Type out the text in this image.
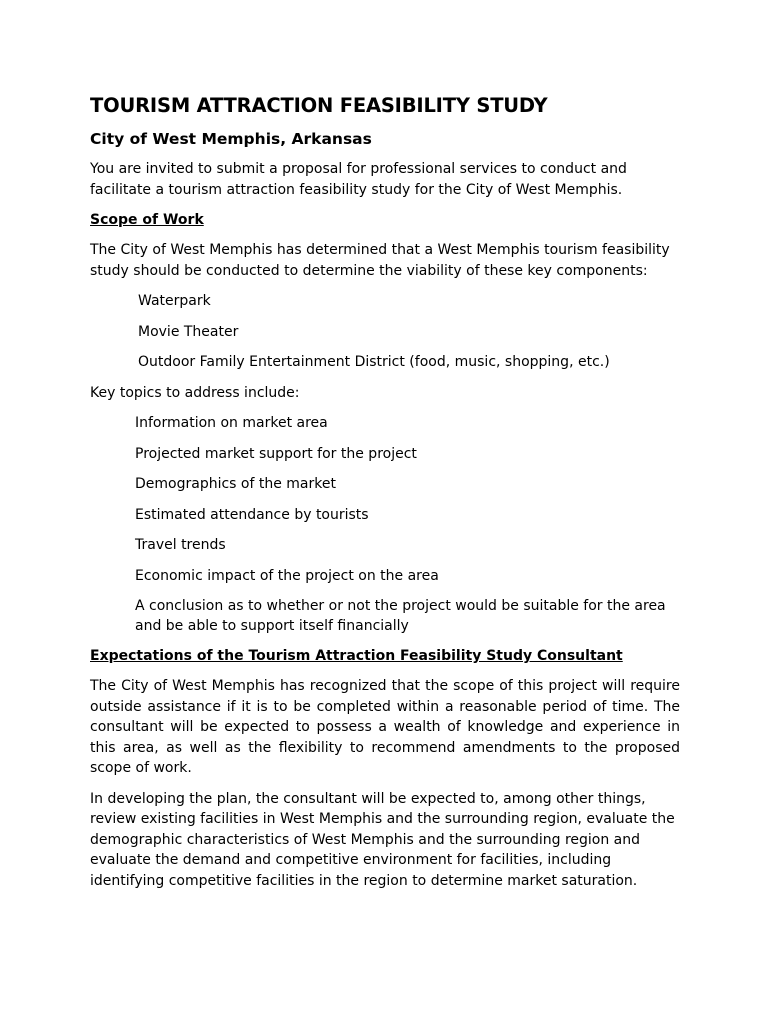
TOURISM ATTRACTION FEASIBILITY STUDY
City of West Memphis, Arkansas

You are invited to submit a proposal for professional services to conduct and facilitate a tourism attraction feasibility study for the City of West Memphis.

Scope of Work

The City of West Memphis has determined that a West Memphis tourism feasibility study should be conducted to determine the viability of these key components:

Waterpark
Movie Theater
Outdoor Family Entertainment District (food, music, shopping, etc.)

Key topics to address include:

Information on market area
Projected market support for the project
Demographics of the market
Estimated attendance by tourists
Travel trends
Economic impact of the project on the area
A conclusion as to whether or not the project would be suitable for the area and be able to support itself financially
Expectations of the Tourism Attraction Feasibility Study Consultant

The City of West Memphis has recognized that the scope of this project will require outside assistance if it is to be completed within a reasonable period of time. The consultant will be expected to possess a wealth of knowledge and experience in this area, as well as the flexibility to recommend amendments to the proposed scope of work.

In developing the plan, the consultant will be expected to, among other things, review existing facilities in West Memphis and the surrounding region, evaluate the demographic characteristics of West Memphis and the surrounding region and evaluate the demand and competitive environment for facilities, including identifying competitive facilities in the region to determine market saturation.
